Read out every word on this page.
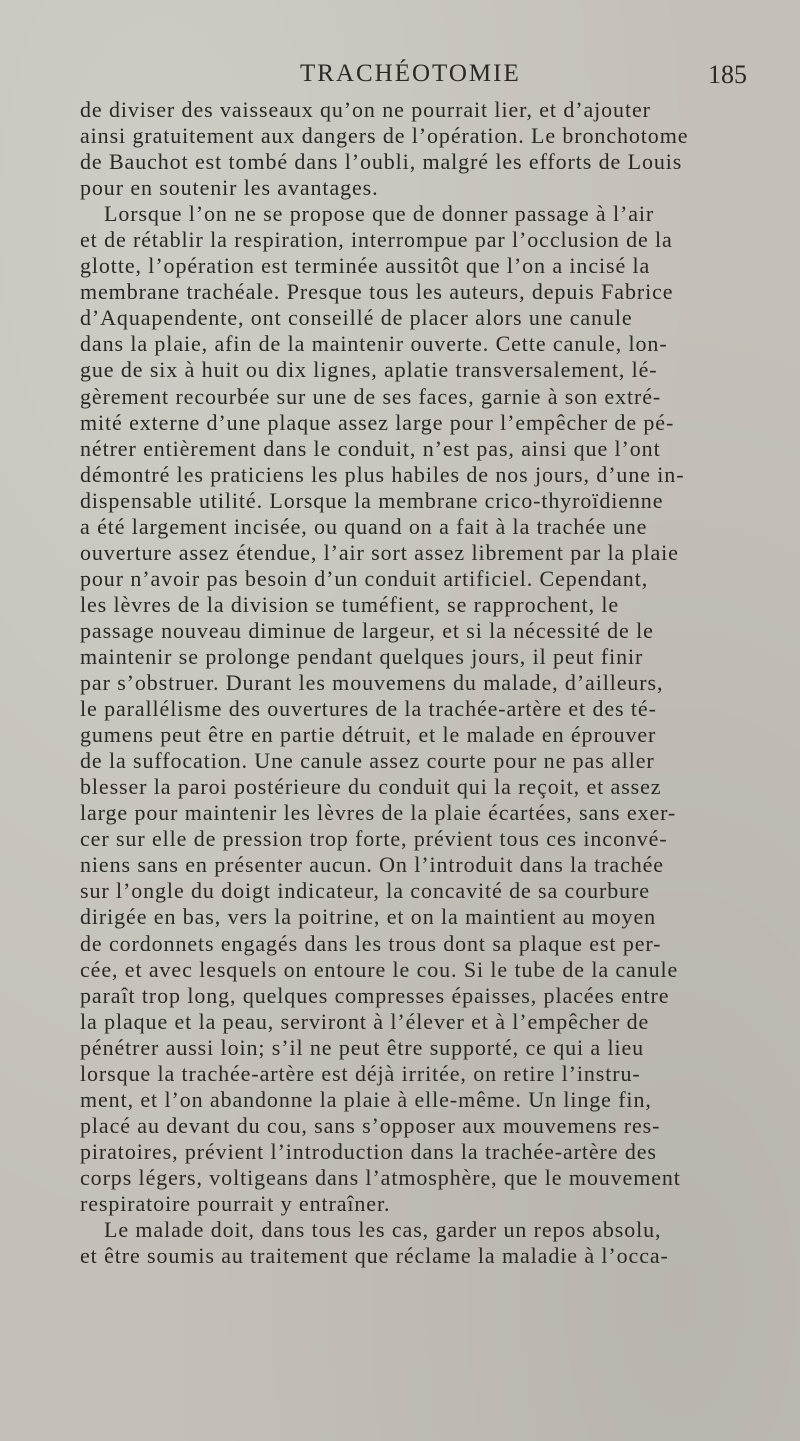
TRACHÉOTOMIE	185
de diviser des vaisseaux qu’on ne pourrait lier, et d’ajouter
ainsi gratuitement aux dangers de l’opération. Le bronchotome
de Bauchot est tombé dans l’oubli, malgré les efforts de Louis
pour en soutenir les avantages.
Lorsque l’on ne se propose que de donner passage à l’air
et de rétablir la respiration, interrompue par l’occlusion de la
glotte, l’opération est terminée aussitôt que l’on a incisé la
membrane trachéale. Presque tous les auteurs, depuis Fabrice
d’Aquapendente, ont conseillé de placer alors une canule
dans la plaie, afin de la maintenir ouverte. Cette canule, lon-
gue de six à huit ou dix lignes, aplatie transversalement, lé-
gèrement recourbée sur une de ses faces, garnie à son extré-
mité externe d’une plaque assez large pour l’empêcher de pé-
nétrer entièrement dans le conduit, n’est pas, ainsi que l’ont
démontré les praticiens les plus habiles de nos jours, d’une in-
dispensable utilité. Lorsque la membrane crico-thyroïdienne
a été largement incisée, ou quand on a fait à la trachée une
ouverture assez étendue, l’air sort assez librement par la plaie
pour n’avoir pas besoin d’un conduit artificiel. Cependant,
les lèvres de la division se tuméfient, se rapprochent, le
passage nouveau diminue de largeur, et si la nécessité de le
maintenir se prolonge pendant quelques jours, il peut finir
par s’obstruer. Durant les mouvemens du malade, d’ailleurs,
le parallélisme des ouvertures de la trachée-artère et des té-
gumens peut être en partie détruit, et le malade en éprouver
de la suffocation. Une canule assez courte pour ne pas aller
blesser la paroi postérieure du conduit qui la reçoit, et assez
large pour maintenir les lèvres de la plaie écartées, sans exer-
cer sur elle de pression trop forte, prévient tous ces inconvé-
niens sans en présenter aucun. On l’introduit dans la trachée
sur l’ongle du doigt indicateur, la concavité de sa courbure
dirigée en bas, vers la poitrine, et on la maintient au moyen
de cordonnets engagés dans les trous dont sa plaque est per-
cée, et avec lesquels on entoure le cou. Si le tube de la canule
paraît trop long, quelques compresses épaisses, placées entre
la plaque et la peau, serviront à l’élever et à l’empêcher de
pénétrer aussi loin; s’il ne peut être supporté, ce qui a lieu
lorsque la trachée-artère est déjà irritée, on retire l’instru-
ment, et l’on abandonne la plaie à elle-même. Un linge fin,
placé au devant du cou, sans s’opposer aux mouvemens res-
piratoires, prévient l’introduction dans la trachée-artère des
corps légers, voltigeans dans l’atmosphère, que le mouvement
respiratoire pourrait y entraîner.
Le malade doit, dans tous les cas, garder un repos absolu,
et être soumis au traitement que réclame la maladie à l’occa-
